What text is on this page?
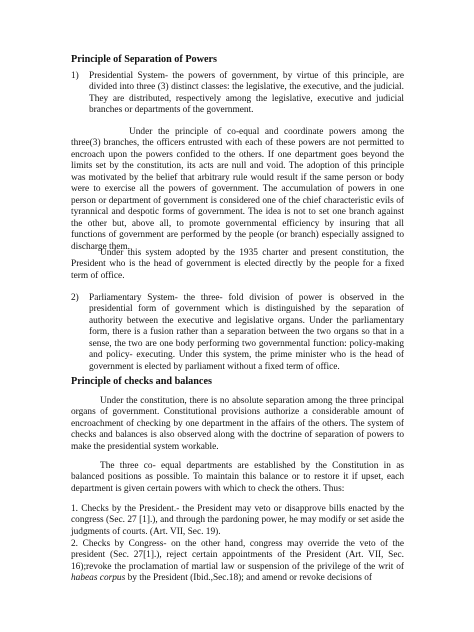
Principle of Separation of Powers
1)	Presidential System- the powers of government, by virtue of this principle, are divided into three (3) distinct classes: the legislative, the executive, and the judicial. They are distributed, respectively among the legislative, executive and judicial branches or departments of the government.

Under the principle of co-equal and coordinate powers among the three(3) branches, the officers entrusted with each of these powers are not permitted to encroach upon the powers confided to the others. If one department goes beyond the limits set by the constitution, its acts are null and void. The adoption of this principle was motivated by the belief that arbitrary rule would result if the same person or body were to exercise all the powers of government. The accumulation of powers in one person or department of government is considered one of the chief characteristic evils of tyrannical and despotic forms of government. The idea is not to set one branch against the other but, above all, to promote governmental efficiency by insuring that all functions of government are performed by the people (or branch) especially assigned to discharge them.

Under this system adopted by the 1935 charter and present constitution, the President who is the head of government is elected directly by the people for a fixed term of office.

2)	Parliamentary System- the three- fold division of power is observed in the presidential form of government which is distinguished by the separation of authority between the executive and legislative organs. Under the parliamentary form, there is a fusion rather than a separation between the two organs so that in a sense, the two are one body performing two governmental function: policy-making and policy- executing. Under this system, the prime minister who is the head of government is elected by parliament without a fixed term of office.
Principle of checks and balances

Under the constitution, there is no absolute separation among the three principal organs of government. Constitutional provisions authorize a considerable amount of encroachment of checking by one department in the affairs of the others. The system of checks and balances is also observed along with the doctrine of separation of powers to make the presidential system workable.

The three co- equal departments are established by the Constitution in as balanced positions as possible. To maintain this balance or to restore it if upset, each department is given certain powers with which to check the others. Thus:

1. Checks by the President.- the President may veto or disapprove bills enacted by the congress (Sec. 27 [1].), and through the pardoning power, he may modify or set aside the judgments of courts. (Art. VII, Sec. 19).

2. Checks by Congress- on the other hand, congress may override the veto of the president (Sec. 27[1].), reject certain appointments of the President (Art. VII, Sec. 16);revoke the proclamation of martial law or suspension of the privilege of the writ of habeas corpus by the President (Ibid.,Sec.18); and amend or revoke decisions of
